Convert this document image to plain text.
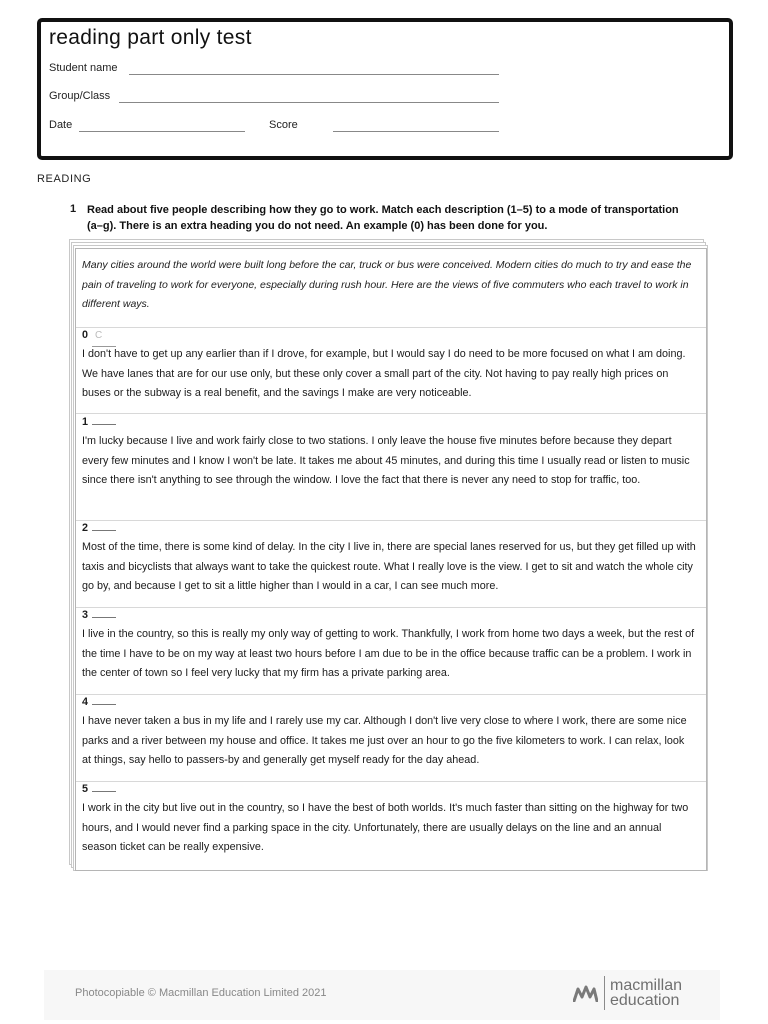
reading part only test
Student name
Group/Class
Date	Score
READING
1 Read about five people describing how they go to work. Match each description (1–5) to a mode of transportation (a–g). There is an extra heading you do not need. An example (0) has been done for you.
Many cities around the world were built long before the car, truck or bus were conceived. Modern cities do much to try and ease the pain of traveling to work for everyone, especially during rush hour. Here are the views of five commuters who each travel to work in different ways.
0 C
I don't have to get up any earlier than if I drove, for example, but I would say I do need to be more focused on what I am doing. We have lanes that are for our use only, but these only cover a small part of the city. Not having to pay really high prices on buses or the subway is a real benefit, and the savings I make are very noticeable.
1
I'm lucky because I live and work fairly close to two stations. I only leave the house five minutes before because they depart every few minutes and I know I won't be late. It takes me about 45 minutes, and during this time I usually read or listen to music since there isn't anything to see through the window. I love the fact that there is never any need to stop for traffic, too.
2
Most of the time, there is some kind of delay. In the city I live in, there are special lanes reserved for us, but they get filled up with taxis and bicyclists that always want to take the quickest route. What I really love is the view. I get to sit and watch the whole city go by, and because I get to sit a little higher than I would in a car, I can see much more.
3
I live in the country, so this is really my only way of getting to work. Thankfully, I work from home two days a week, but the rest of the time I have to be on my way at least two hours before I am due to be in the office because traffic can be a problem. I work in the center of town so I feel very lucky that my firm has a private parking area.
4
I have never taken a bus in my life and I rarely use my car. Although I don't live very close to where I work, there are some nice parks and a river between my house and office. It takes me just over an hour to go the five kilometers to work. I can relax, look at things, say hello to passers-by and generally get myself ready for the day ahead.
5
I work in the city but live out in the country, so I have the best of both worlds. It's much faster than sitting on the highway for two hours, and I would never find a parking space in the city. Unfortunately, there are usually delays on the line and an annual season ticket can be really expensive.
Photocopiable © Macmillan Education Limited 2021	macmillan
education
